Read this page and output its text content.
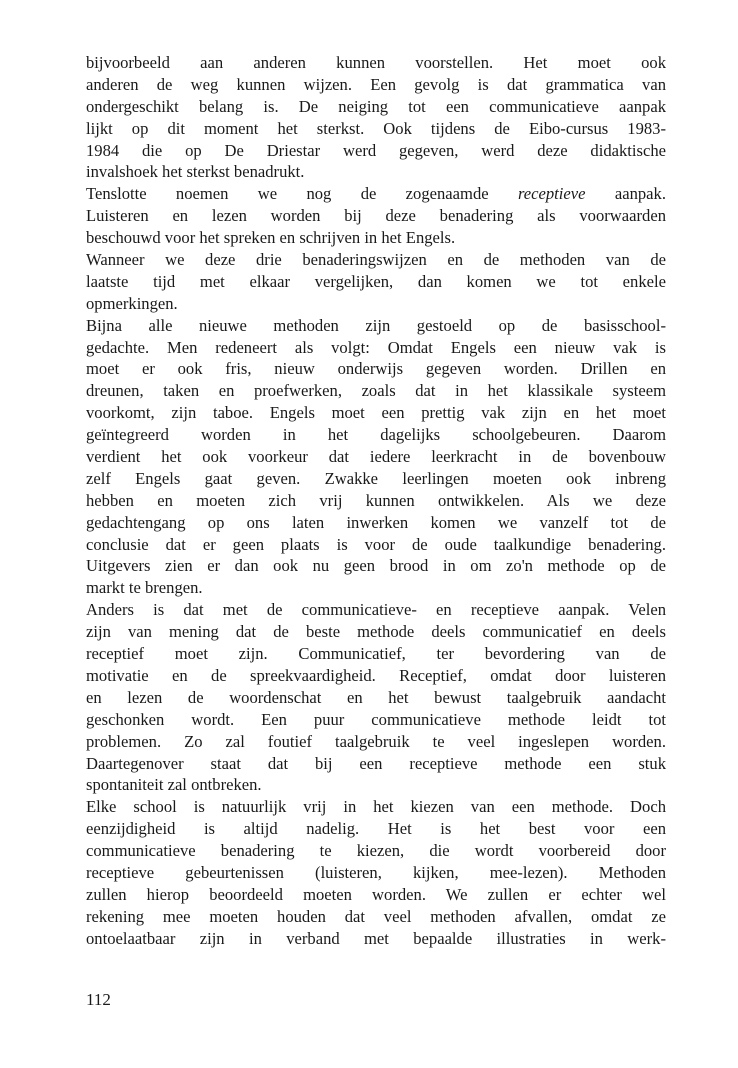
bijvoorbeeld aan anderen kunnen voorstellen. Het moet ook
anderen de weg kunnen wijzen. Een gevolg is dat grammatica van
ondergeschikt belang is. De neiging tot een communicatieve aanpak
lijkt op dit moment het sterkst. Ook tijdens de Eibo-cursus 1983-
1984 die op De Driestar werd gegeven, werd deze didaktische
invalshoek het sterkst benadrukt.
Tenslotte noemen we nog de zogenaamde receptieve aanpak.
Luisteren en lezen worden bij deze benadering als voorwaarden
beschouwd voor het spreken en schrijven in het Engels.
Wanneer we deze drie benaderingswijzen en de methoden van de
laatste tijd met elkaar vergelijken, dan komen we tot enkele
opmerkingen.
Bijna alle nieuwe methoden zijn gestoeld op de basisschool-
gedachte. Men redeneert als volgt: Omdat Engels een nieuw vak is
moet er ook fris, nieuw onderwijs gegeven worden. Drillen en
dreunen, taken en proefwerken, zoals dat in het klassikale systeem
voorkomt, zijn taboe. Engels moet een prettig vak zijn en het moet
geïntegreerd worden in het dagelijks schoolgebeuren. Daarom
verdient het ook voorkeur dat iedere leerkracht in de bovenbouw
zelf Engels gaat geven. Zwakke leerlingen moeten ook inbreng
hebben en moeten zich vrij kunnen ontwikkelen. Als we deze
gedachtengang op ons laten inwerken komen we vanzelf tot de
conclusie dat er geen plaats is voor de oude taalkundige benadering.
Uitgevers zien er dan ook nu geen brood in om zo'n methode op de
markt te brengen.
Anders is dat met de communicatieve- en receptieve aanpak. Velen
zijn van mening dat de beste methode deels communicatief en deels
receptief moet zijn. Communicatief, ter bevordering van de
motivatie en de spreekvaardigheid. Receptief, omdat door luisteren
en lezen de woordenschat en het bewust taalgebruik aandacht
geschonken wordt. Een puur communicatieve methode leidt tot
problemen. Zo zal foutief taalgebruik te veel ingeslepen worden.
Daartegenover staat dat bij een receptieve methode een stuk
spontaniteit zal ontbreken.
Elke school is natuurlijk vrij in het kiezen van een methode. Doch
eenzijdigheid is altijd nadelig. Het is het best voor een
communicatieve benadering te kiezen, die wordt voorbereid door
receptieve gebeurtenissen (luisteren, kijken, mee-lezen). Methoden
zullen hierop beoordeeld moeten worden. We zullen er echter wel
rekening mee moeten houden dat veel methoden afvallen, omdat ze
ontoelaatbaar zijn in verband met bepaalde illustraties in werk-
112
